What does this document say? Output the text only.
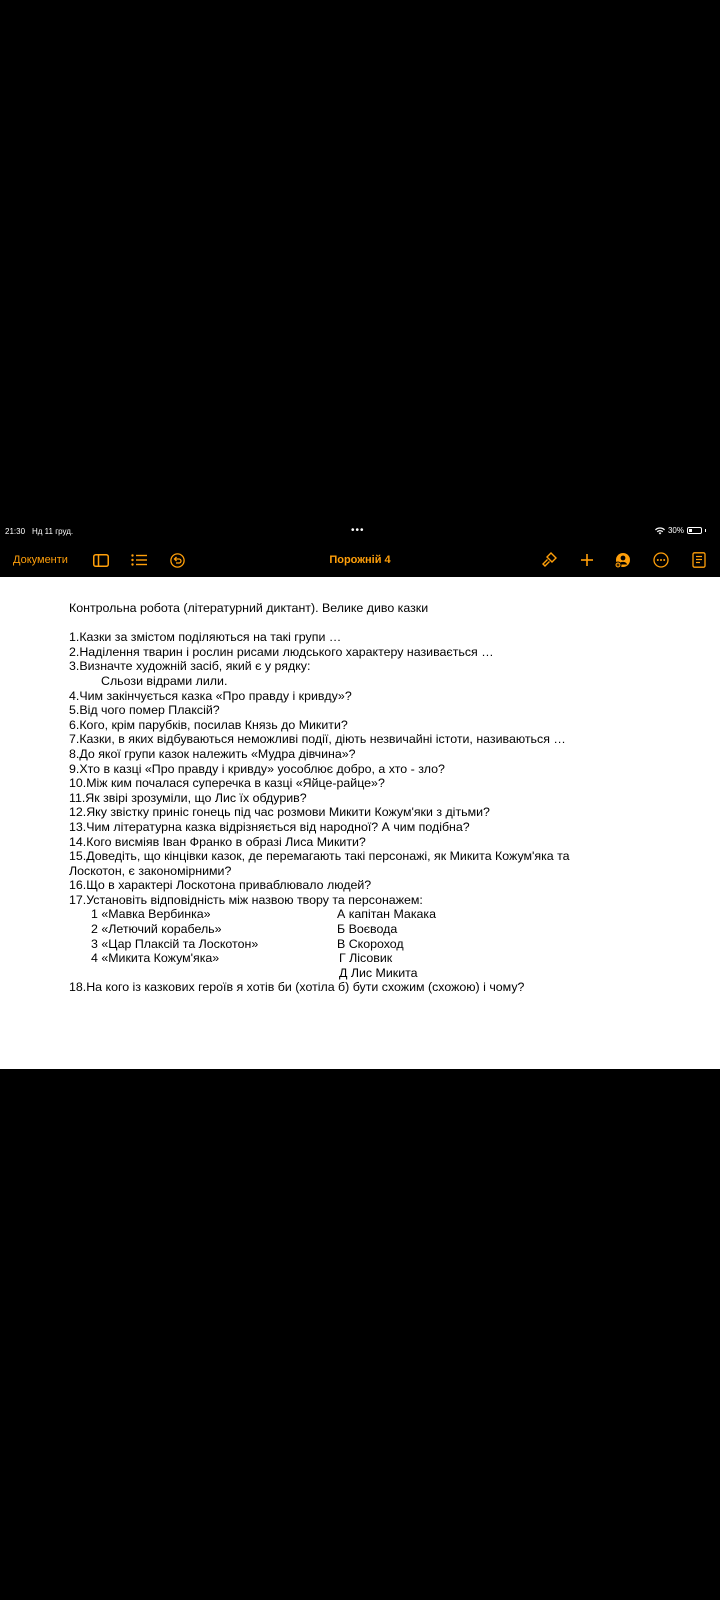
21:30 Нд 11 груд.	•••	30%
Документи	Порожній 4
Контрольна робота (літературний диктант). Велике диво казки
1.Казки за змістом поділяються на такі групи …
2.Наділення тварин і рослин рисами людського характеру називається …
3.Визначте художній засіб, який є у рядку:
Сльози відрами лили.
4.Чим закінчується казка «Про правду і кривду»?
5.Від чого помер Плаксій?
6.Кого, крім парубків, посилав Князь до Микити?
7.Казки, в яких відбуваються неможливі події, діють незвичайні істоти, називаються …
8.До якої групи казок належить «Мудра дівчина»?
9.Хто в казці «Про правду і кривду» уособлює добро, а хто - зло?
10.Між ким почалася суперечка в казці «Яйце-райце»?
11.Як звірі зрозуміли, що Лис їх обдурив?
12.Яку звістку приніс гонець під час розмови Микити Кожум'яки з дітьми?
13.Чим літературна казка відрізняється від народної? А чим подібна?
14.Кого висміяв Іван Франко в образі Лиса Микити?
15.Доведіть, що кінцівки казок, де перемагають такі персонажі, як Микита Кожум'яка та Лоскотон, є закономірними?
16.Що в характері Лоскотона приваблювало людей?
17.Установіть відповідність між назвою твору та персонажем:
1 «Мавка Вербинка»	А капітан Макака
2 «Летючий корабель»	Б Воєвода
3 «Цар Плаксій та Лоскотон»	В Скороход
4 «Микита Кожум'яка»	Г Лісовик
Д Лис Микита
18.На кого із казкових героїв я хотів би (хотіла б) бути схожим (схожою) і чому?
